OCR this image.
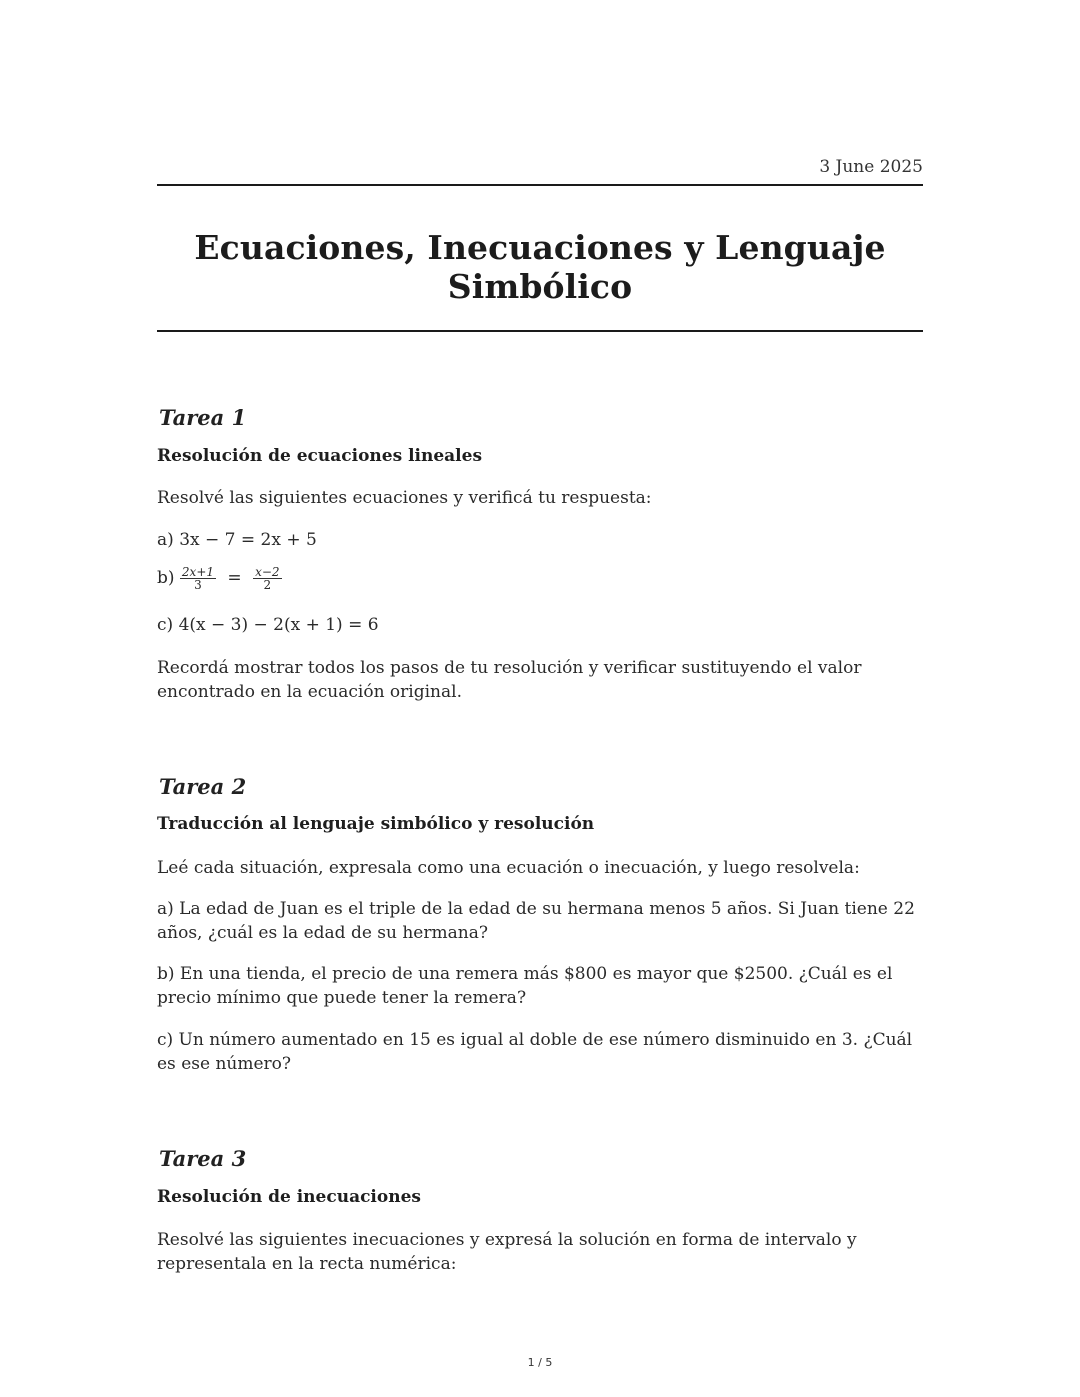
3 June 2025
Ecuaciones, Inecuaciones y Lenguaje Simbólico
Tarea 1
Resolución de ecuaciones lineales
Resolvé las siguientes ecuaciones y verificá tu respuesta:
a) 3x − 7 = 2x + 5
$b) \frac{2x+1}{3} = \frac{x-2}{2}$
c) 4(x − 3) − 2(x + 1) = 6
Recordá mostrar todos los pasos de tu resolución y verificar sustituyendo el valor encontrado en la ecuación original.
Tarea 2
Traducción al lenguaje simbólico y resolución
Leé cada situación, expresala como una ecuación o inecuación, y luego resolvela:
a) La edad de Juan es el triple de la edad de su hermana menos 5 años. Si Juan tiene 22 años, ¿cuál es la edad de su hermana?
b) En una tienda, el precio de una remera más $800 es mayor que $2500. ¿Cuál es el precio mínimo que puede tener la remera?
c) Un número aumentado en 15 es igual al doble de ese número disminuido en 3. ¿Cuál es ese número?
Tarea 3
Resolución de inecuaciones
Resolvé las siguientes inecuaciones y expresá la solución en forma de intervalo y representala en la recta numérica:
1 / 5
